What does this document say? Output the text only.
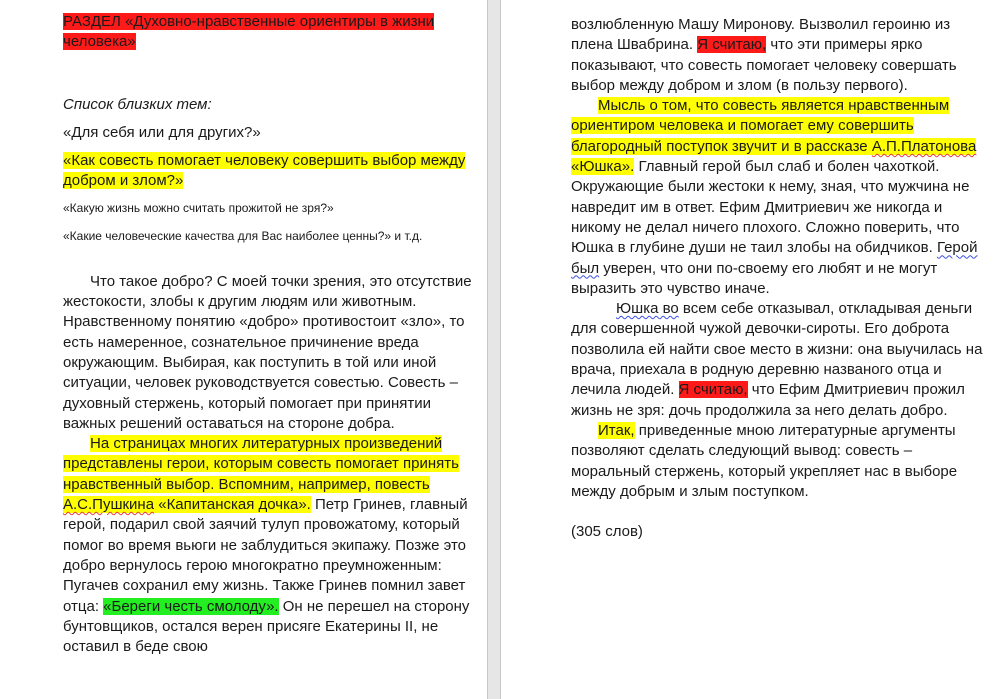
РАЗДЕЛ «Духовно-нравственные ориентиры в жизни человека»

Список близких тем:

«Для себя или для других?»

«Как совесть помогает человеку совершить выбор между добром и злом?»

«Какую жизнь можно считать прожитой не зря?»

«Какие человеческие качества для Вас наиболее ценны?» и т.д.

Что такое добро? С моей точки зрения, это отсутствие жестокости, злобы к другим людям или животным. Нравственному понятию «добро» противостоит «зло», то есть намеренное, сознательное причинение вреда окружающим. Выбирая, как поступить в той или иной ситуации, человек руководствуется совестью. Совесть – духовный стержень, который помогает при принятии важных решений оставаться на стороне добра.

На страницах многих литературных произведений представлены герои, которым совесть помогает принять нравственный выбор. Вспомним, например, повесть А.С.Пушкина «Капитанская дочка». Петр Гринев, главный герой, подарил свой заячий тулуп провожатому, который помог во время вьюги не заблудиться экипажу. Позже это добро вернулось герою многократно преумноженным: Пугачев сохранил ему жизнь. Также Гринев помнил завет отца: «Береги честь смолоду». Он не перешел на сторону бунтовщиков, остался верен присяге Екатерины II, не оставил в беде свою

возлюбленную Машу Миронову. Вызволил героиню из плена Швабрина. Я считаю, что эти примеры ярко показывают, что совесть помогает человеку совершать выбор между добром и злом (в пользу первого).

Мысль о том, что совесть является нравственным ориентиром человека и помогает ему совершить благородный поступок звучит и в рассказе А.П.Платонова «Юшка». Главный герой был слаб и болен чахоткой. Окружающие были жестоки к нему, зная, что мужчина не навредит им в ответ. Ефим Дмитриевич же никогда и никому не делал ничего плохого. Сложно поверить, что Юшка в глубине души не таил злобы на обидчиков. Герой был уверен, что они по-своему его любят и не могут выразить это чувство иначе.

Юшка во всем себе отказывал, откладывая деньги для совершенной чужой девочки-сироты. Его доброта позволила ей найти свое место в жизни: она выучилась на врача, приехала в родную деревню названого отца и лечила людей. Я считаю, что Ефим Дмитриевич прожил жизнь не зря: дочь продолжила за него делать добро.

Итак, приведенные мною литературные аргументы позволяют сделать следующий вывод: совесть – моральный стержень, который укрепляет нас в выборе между добрым и злым поступком.

(305 слов)
